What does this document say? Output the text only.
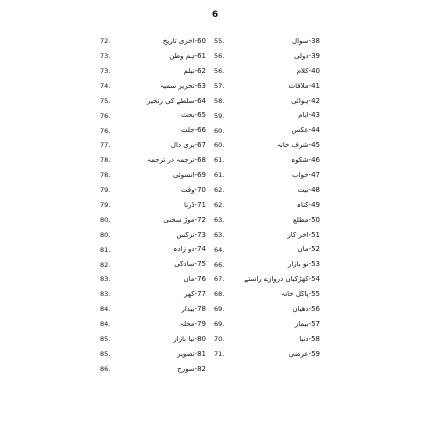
6
55.	38-سوال
56.	39-دولی
56.	40-کلام
57.	41-ملاقات
58.	42-ہوائی
59.	43-ایام
60.	44-عکس
60.	45-شرف خانہ
61.	46-شکوہ
61.	47-خواب
62.	48-نیت
62.	49-گناہ
63.	50-مطلع
63.	51-آخر کار
64.	52-ماں
66.	53-نو بازار
67.	54-کھڑکیاں دروازے راستے
68.	55-پاگل خانہ
69.	56-دھیان
69.	57-بیمار
70.	58-دنیا
71.	59-عرضی
72.	60-آخری تاریخ
73.	61-ہم وطن
73.	62-نیلم
74.	63-تحریر سمیہ
75.	64-سلطے کی زنجیر
76.	65-بحث
76.	66-جلت
77.	67-بری دال
78.	68-ترجمہ در ترجمہ
78.	69-انسوئی
79.	70-وقت
79.	71-ڈرنا
80.	72-موڑ سخنی
80.	73-نرگس
81.	74-دو زادہ
82.	75-سادگی
83.	76-ماں
83.	77-گھر
84.	78-بیدار
84.	79-محلہ
85.	80-نیا بازار
85.	81-تصویر
86.	82-سورج
